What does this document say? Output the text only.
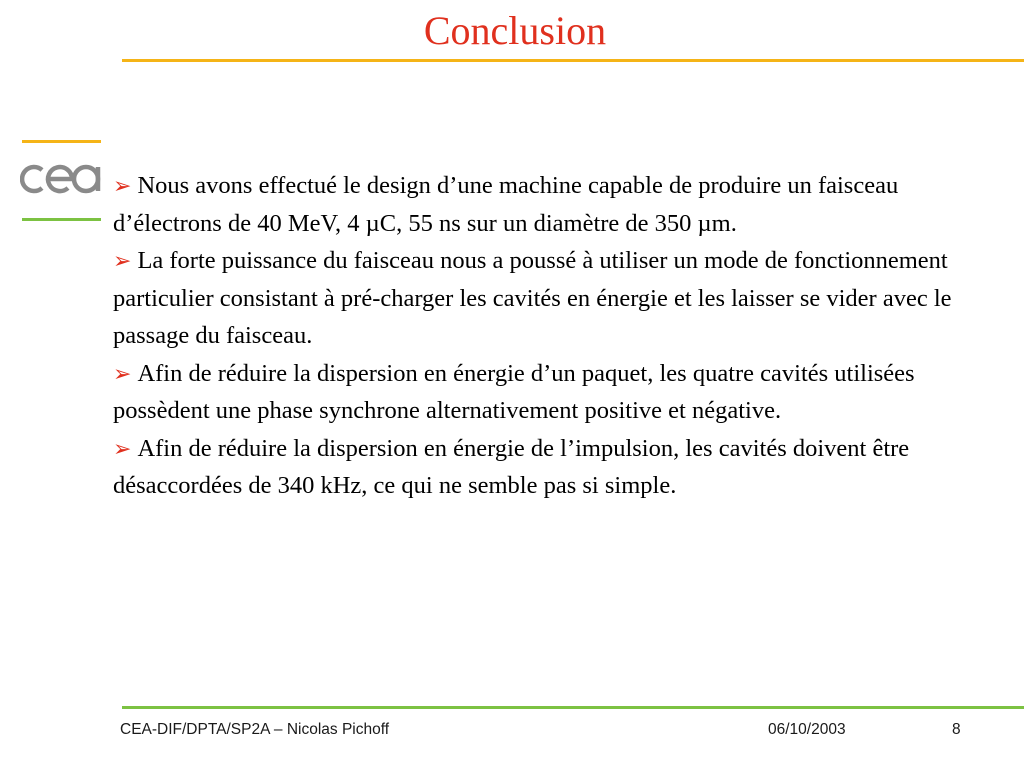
Conclusion

➢ Nous avons effectué le design d’une machine capable de produire un faisceau d’électrons de 40 MeV, 4 µC, 55 ns sur un diamètre de 350 µm.

➢ La forte puissance du faisceau nous a poussé à utiliser un mode de fonctionnement particulier consistant à pré-charger les cavités en énergie et les laisser se vider avec le passage du faisceau.

➢ Afin de réduire la dispersion en énergie d’un paquet, les quatre cavités utilisées possèdent une phase synchrone alternativement positive et négative.

➢ Afin de réduire la dispersion en énergie de l’impulsion, les cavités doivent être désaccordées de 340 kHz, ce qui ne semble pas si simple.

CEA-DIF/DPTA/SP2A – Nicolas Pichoff	06/10/2003	8
